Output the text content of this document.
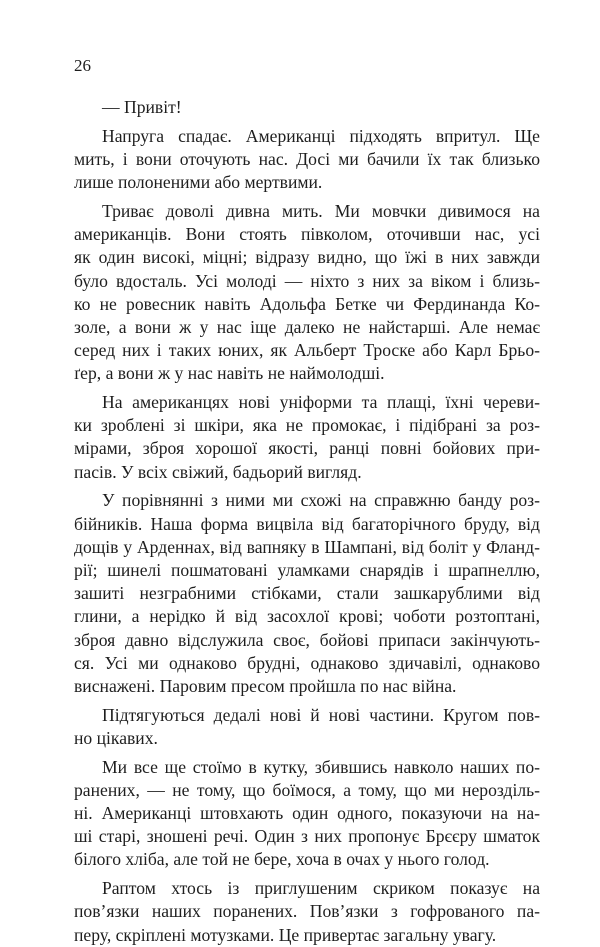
26

— Привіт!
Напруга спадає. Американці підходять впритул. Ще
мить, і вони оточують нас. Досі ми бачили їх так близько
лише полоненими або мертвими.
Триває доволі дивна мить. Ми мовчки дивимося на
американців. Вони стоять півколом, оточивши нас, усі
як один високі, міцні; відразу видно, що їжі в них завжди
було вдосталь. Усі молоді — ніхто з них за віком і близь-
ко не ровесник навіть Адольфа Бетке чи Фердинанда Ко-
золе, а вони ж у нас іще далеко не найстарші. Але немає
серед них і таких юних, як Альберт Троске або Карл Брьо-
ґер, а вони ж у нас навіть не наймолодші.
На американцях нові уніформи та плащі, їхні череви-
ки зроблені зі шкіри, яка не промокає, і підібрані за роз-
мірами, зброя хорошої якості, ранці повні бойових при-
пасів. У всіх свіжий, бадьорий вигляд.
У порівнянні з ними ми схожі на справжню банду роз-
бійників. Наша форма вицвіла від багаторічного бруду, від
дощів у Арденнах, від вапняку в Шампані, від боліт у Фланд-
рії; шинелі пошматовані уламками снарядів і шрапнеллю,
зашиті незграбними стібками, стали зашкарублими від
глини, а нерідко й від засохлої крові; чоботи розтоптані,
зброя давно відслужила своє, бойові припаси закінчують-
ся. Усі ми однаково брудні, однаково здичавілі, однаково
виснажені. Паровим пресом пройшла по нас війна.
Підтягуються дедалі нові й нові частини. Кругом пов-
но цікавих.
Ми все ще стоїмо в кутку, збившись навколо наших по-
ранених, — не тому, що боїмося, а тому, що ми нерозділь-
ні. Американці штовхають один одного, показуючи на на-
ші старі, зношені речі. Один з них пропонує Брєєру шматок
білого хліба, але той не бере, хоча в очах у нього голод.
Раптом хтось із приглушеним скриком показує на
пов’язки наших поранених. Пов’язки з гофрованого па-
перу, скріплені мотузками. Це привертає загальну увагу.
